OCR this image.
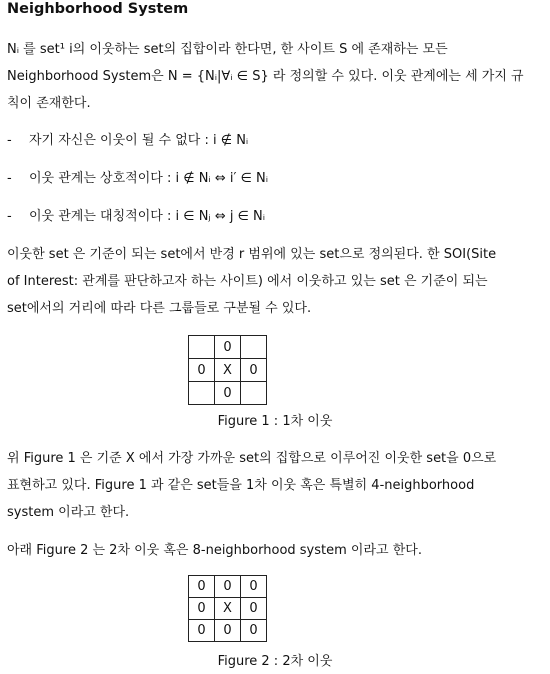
Neighborhood System
Nᵢ 를 set¹ i의 이웃하는 set의 집합이라 한다면, 한 사이트 S 에 존재하는 모든
Neighborhood System은 N = {Nᵢ|∀ᵢ ∈ S} 라 정의할 수 있다. 이웃 관계에는 세 가지 규
칙이 존재한다.
- 자기 자신은 이웃이 될 수 없다 : i ∉ Nᵢ
- 이웃 관계는 상호적이다 : i ∉ Nᵢ ⇔ i′ ∈ Nᵢ
- 이웃 관계는 대칭적이다 : i ∈ Nⱼ ⇔ j ∈ Nᵢ
이웃한 set 은 기준이 되는 set에서 반경 r 범위에 있는 set으로 정의된다. 한 SOI(Site
of Interest: 관계를 판단하고자 하는 사이트) 에서 이웃하고 있는 set 은 기준이 되는
set에서의 거리에 따라 다른 그룹들로 구분될 수 있다.
	0	
0	X	0
	0	
Figure 1 : 1차 이웃
위 Figure 1 은 기준 X 에서 가장 가까운 set의 집합으로 이루어진 이웃한 set을 0으로
표현하고 있다. Figure 1 과 같은 set들을 1차 이웃 혹은 특별히 4-neighborhood
system 이라고 한다.
아래 Figure 2 는 2차 이웃 혹은 8-neighborhood system 이라고 한다.
0	0	0
0	X	0
0	0	0
Figure 2 : 2차 이웃
